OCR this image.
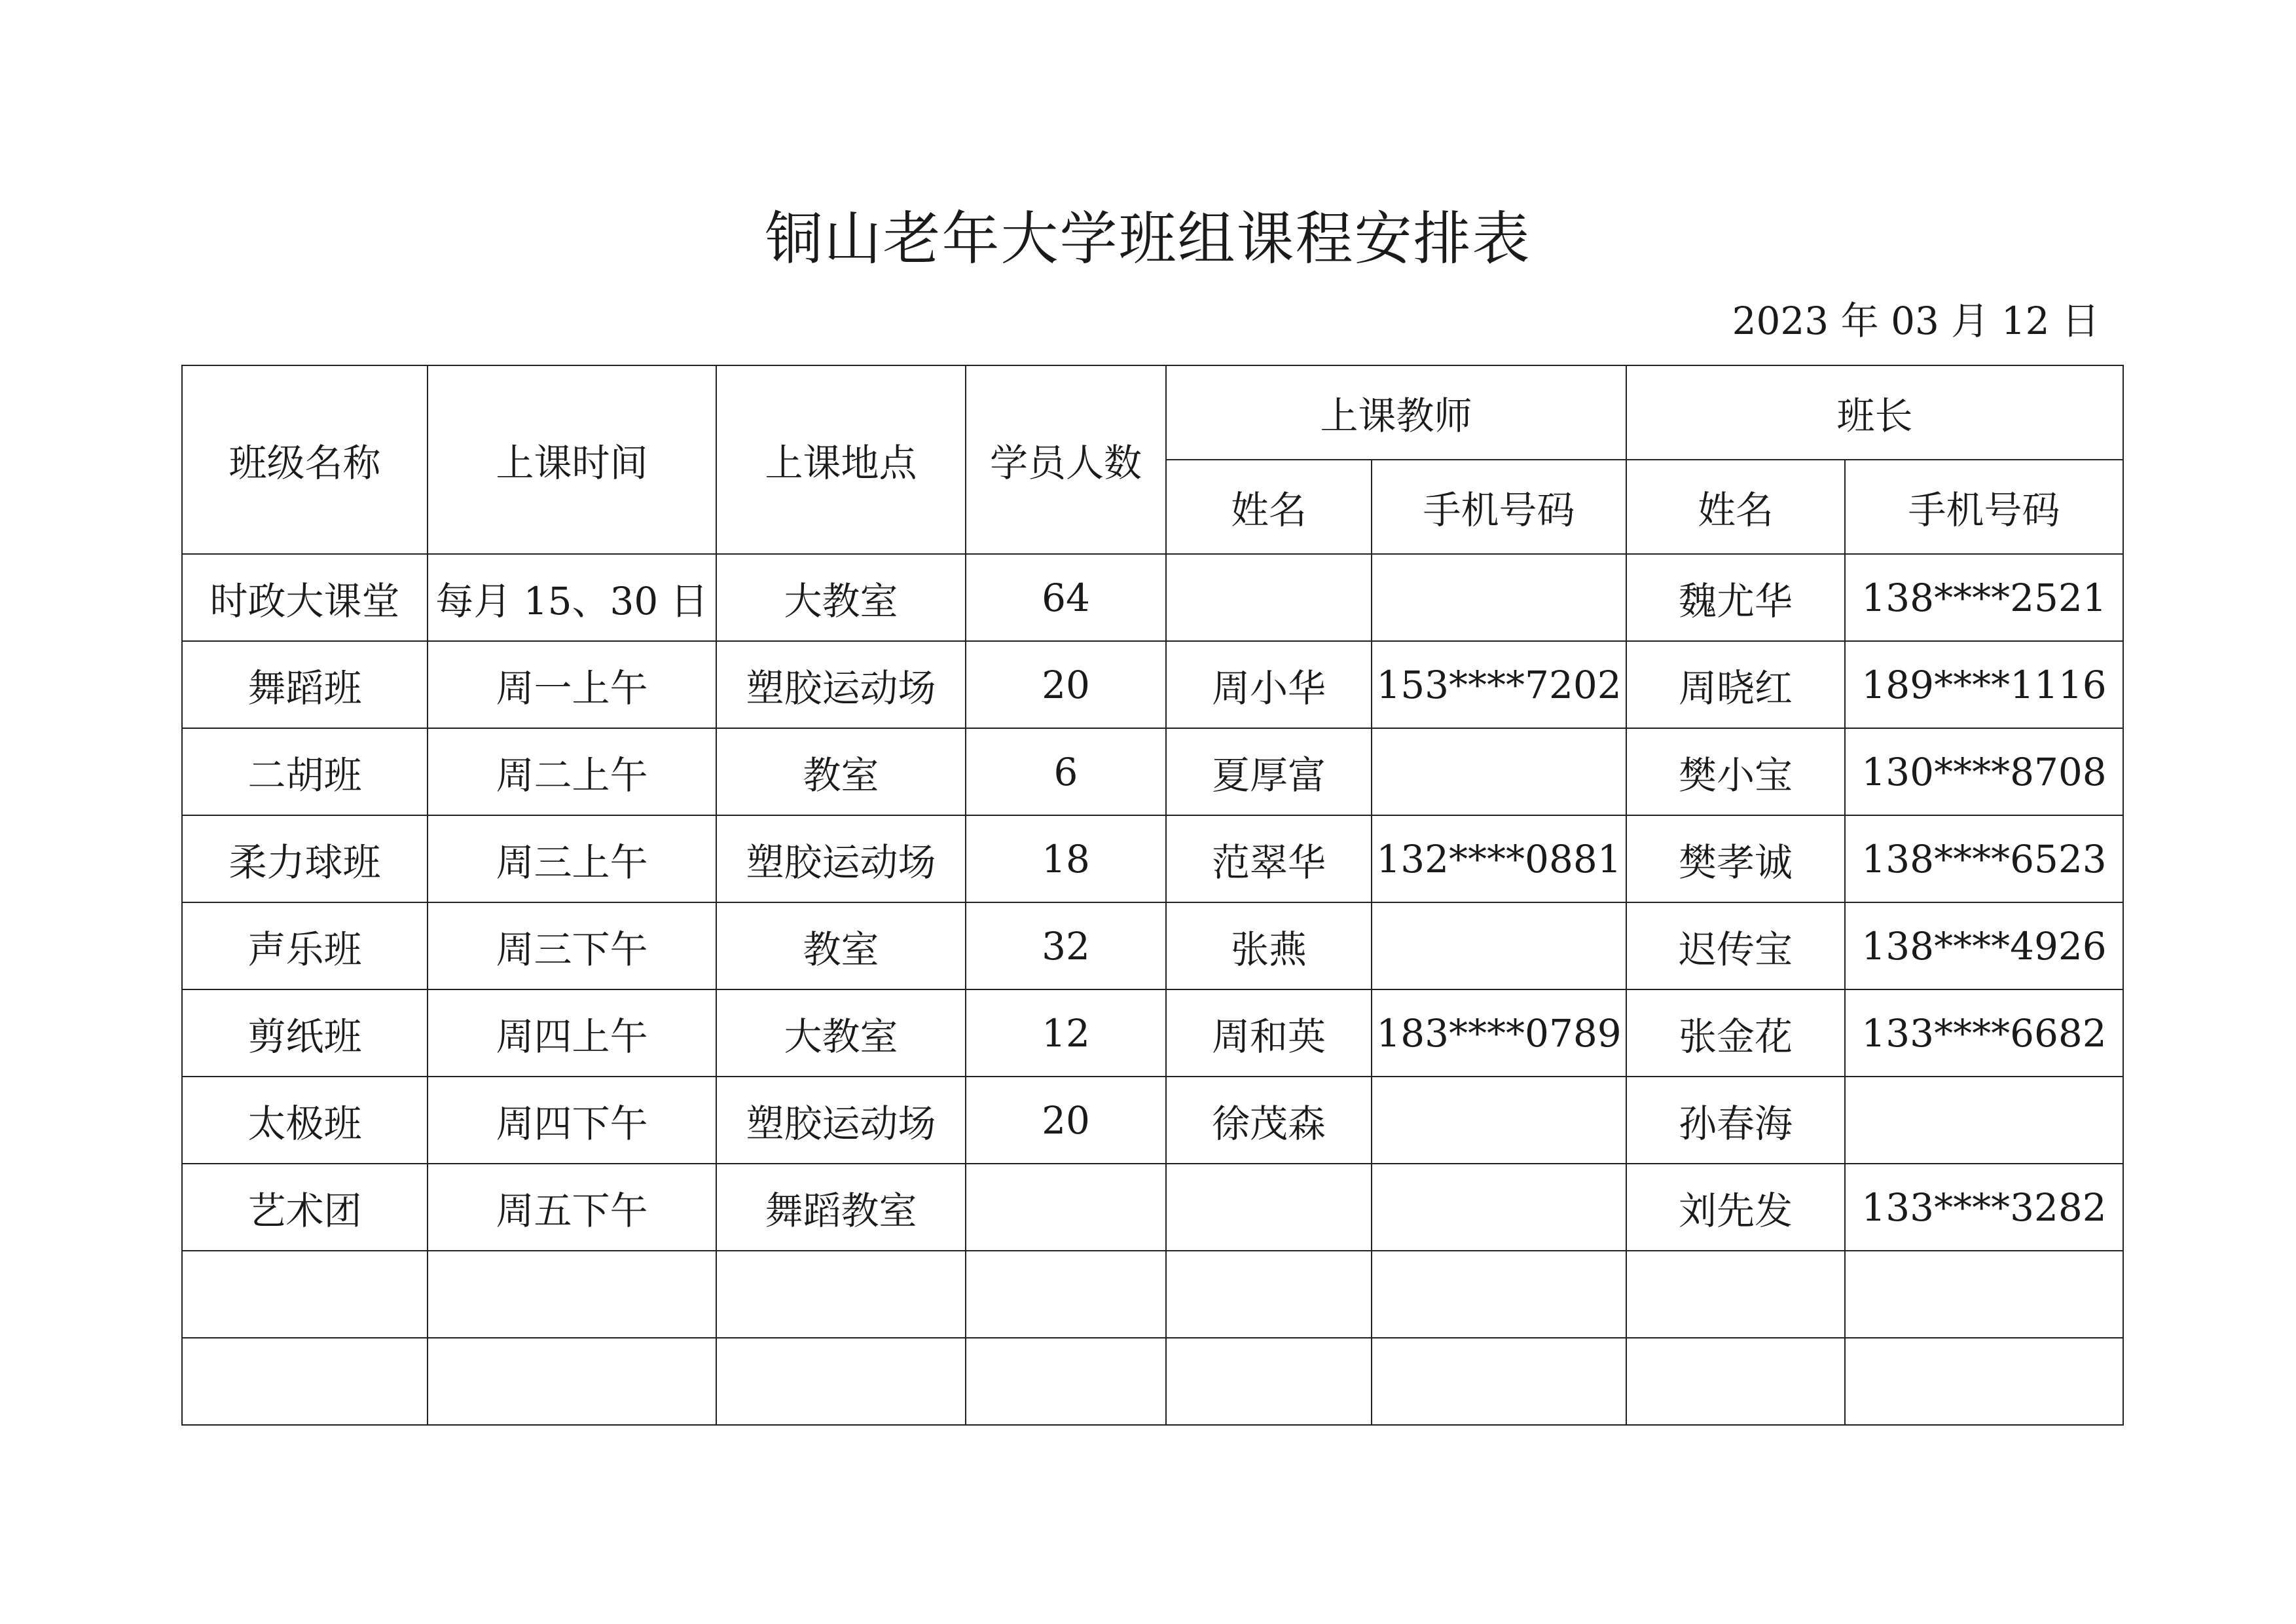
铜山老年大学班组课程安排表
2023 年 03 月 12 日
班级名称	上课时间	上课地点	学员人数	上课教师		班长	
				姓名	手机号码	姓名	手机号码
时政大课堂	每月 15、30 日	大教室	64			魏尤华	138****2521
舞蹈班	周一上午	塑胶运动场	20	周小华	153****7202	周晓红	189****1116
二胡班	周二上午	教室	6	夏厚富		樊小宝	130****8708
柔力球班	周三上午	塑胶运动场	18	范翠华	132****0881	樊孝诚	138****6523
声乐班	周三下午	教室	32	张燕		迟传宝	138****4926
剪纸班	周四上午	大教室	12	周和英	183****0789	张金花	133****6682
太极班	周四下午	塑胶运动场	20	徐茂森		孙春海	
艺术团	周五下午	舞蹈教室				刘先发	133****3282
